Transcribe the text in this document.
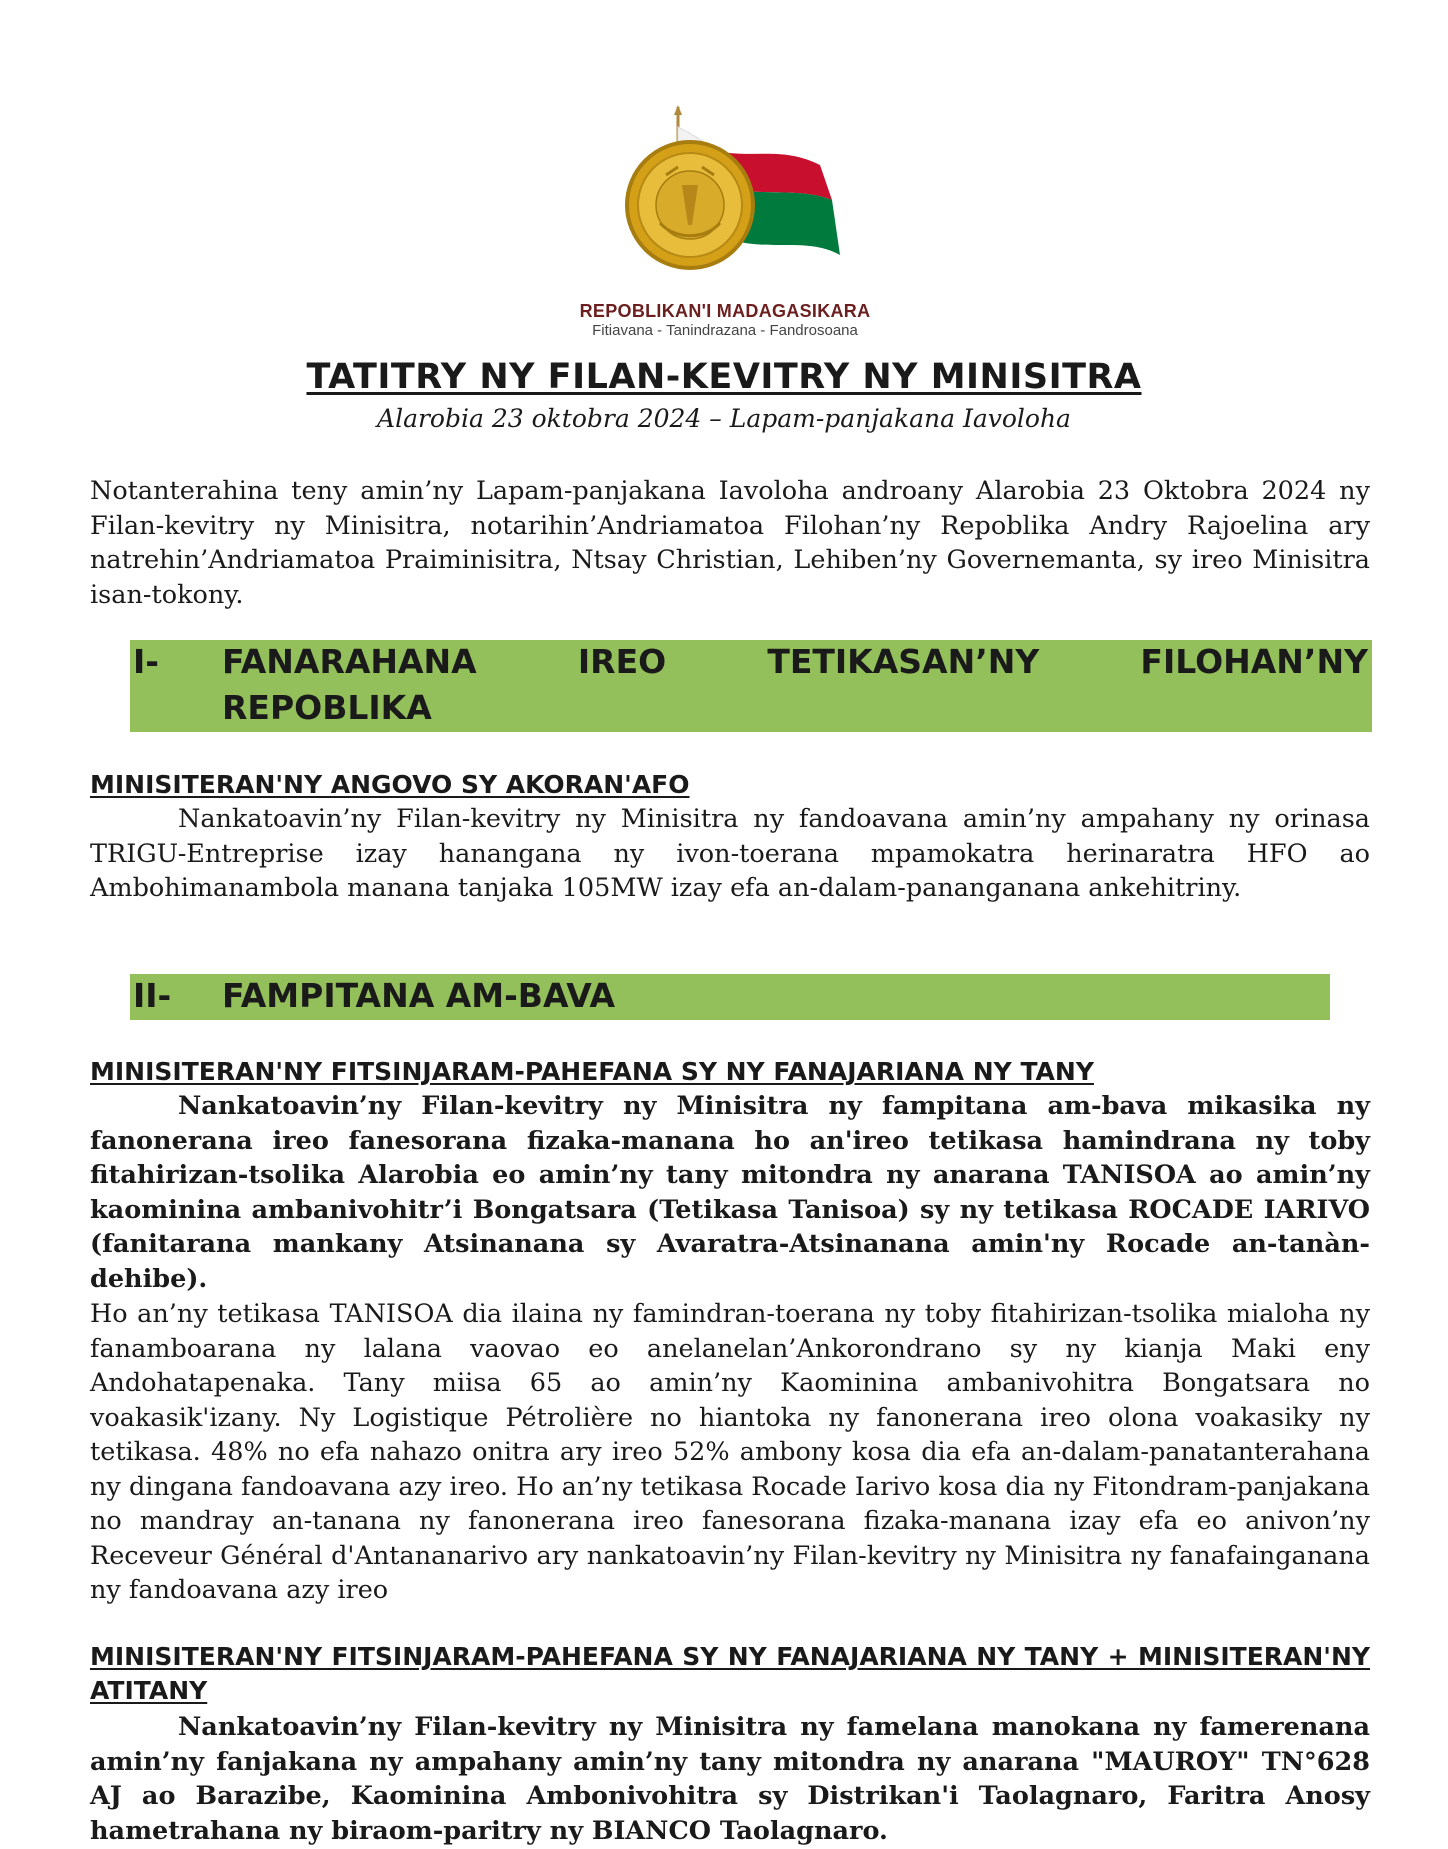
REPOBLIKAN'I MADAGASIKARA
Fitiavana - Tanindrazana - Fandrosoana
TATITRY NY FILAN-KEVITRY NY MINISITRA
Alarobia 23 oktobra 2024 – Lapam-panjakana Iavoloha

Notanterahina teny amin’ny Lapam-panjakana Iavoloha androany Alarobia 23 Oktobra 2024 ny Filan-kevitry ny Minisitra, notarihin’Andriamatoa Filohan’ny Repoblika Andry Rajoelina ary natrehin’Andriamatoa Praiminisitra, Ntsay Christian, Lehiben’ny Governemanta, sy ireo Minisitra isan-tokony.

I- FANARAHANA	IREO	TETIKASAN’NY	FILOHAN’NY
REPOBLIKA
MINISITERAN'NY ANGOVO SY AKORAN'AFO

Nankatoavin’ny Filan-kevitry ny Minisitra ny fandoavana amin’ny ampahany ny orinasa TRIGU-Entreprise izay hanangana ny ivon-toerana mpamokatra herinaratra HFO ao Ambohimanambola manana tanjaka 105MW izay efa an-dalam-pananganana ankehitriny.

II- FAMPITANA AM-BAVA
MINISITERAN'NY FITSINJARAM-PAHEFANA SY NY FANAJARIANA NY TANY

Nankatoavin’ny Filan-kevitry ny Minisitra ny fampitana am-bava mikasika ny fanonerana ireo fanesorana fizaka-manana ho an'ireo tetikasa hamindrana ny toby fitahirizan-tsolika Alarobia eo amin’ny tany mitondra ny anarana TANISOA ao amin’ny kaominina ambanivohitr’i Bongatsara (Tetikasa Tanisoa) sy ny tetikasa ROCADE IARIVO (fanitarana mankany Atsinanana sy Avaratra-Atsinanana amin'ny Rocade an-tanàn-dehibe).

Ho an’ny tetikasa TANISOA dia ilaina ny famindran-toerana ny toby fitahirizan-tsolika mialoha ny fanamboarana ny lalana vaovao eo anelanelan’Ankorondrano sy ny kianja Maki eny Andohatapenaka. Tany miisa 65 ao amin’ny Kaominina ambanivohitra Bongatsara no voakasik'izany. Ny Logistique Pétrolière no hiantoka ny fanonerana ireo olona voakasiky ny tetikasa. 48% no efa nahazo onitra ary ireo 52% ambony kosa dia efa an-dalam-panatanterahana ny dingana fandoavana azy ireo. Ho an’ny tetikasa Rocade Iarivo kosa dia ny Fitondram-panjakana no mandray an-tanana ny fanonerana ireo fanesorana fizaka-manana izay efa eo anivon’ny Receveur Général d'Antananarivo ary nankatoavin’ny Filan-kevitry ny Minisitra ny fanafainganana ny fandoavana azy ireo

MINISITERAN'NY FITSINJARAM-PAHEFANA SY NY FANAJARIANA NY TANY + MINISITERAN'NY ATITANY

Nankatoavin’ny Filan-kevitry ny Minisitra ny famelana manokana ny famerenana amin’ny fanjakana ny ampahany amin’ny tany mitondra ny anarana "MAUROY" TN°628 AJ ao Barazibe, Kaominina Ambonivohitra sy Distrikan'i Taolagnaro, Faritra Anosy hametrahana ny biraom-paritry ny BIANCO Taolagnaro.
